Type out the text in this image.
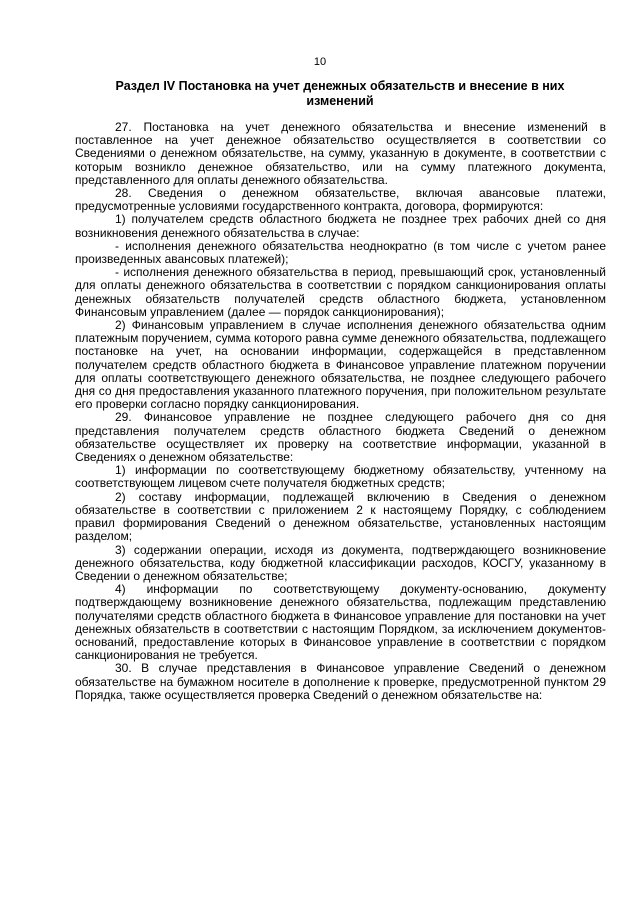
10
Раздел IV Постановка на учет денежных обязательств и внесение в них изменений

27. Постановка на учет денежного обязательства и внесение изменений в поставленное на учет денежное обязательство осуществляется в соответствии со Сведениями о денежном обязательстве, на сумму, указанную в документе, в соответствии с которым возникло денежное обязательство, или на сумму платежного документа, представленного для оплаты денежного обязательства.

28. Сведения о денежном обязательстве, включая авансовые платежи, предусмотренные условиями государственного контракта, договора, формируются:

1) получателем средств областного бюджета не позднее трех рабочих дней со дня возникновения денежного обязательства в случае:

- исполнения денежного обязательства неоднократно (в том числе с учетом ранее произведенных авансовых платежей);

- исполнения денежного обязательства в период, превышающий срок, установленный для оплаты денежного обязательства в соответствии с порядком санкционирования оплаты денежных обязательств получателей средств областного бюджета, установленном Финансовым управлением (далее — порядок санкционирования);

2) Финансовым управлением в случае исполнения денежного обязательства одним платежным поручением, сумма которого равна сумме денежного обязательства, подлежащего постановке на учет, на основании информации, содержащейся в представленном получателем средств областного бюджета в Финансовое управление платежном поручении для оплаты соответствующего денежного обязательства, не позднее следующего рабочего дня со дня предоставления указанного платежного поручения, при положительном результате его проверки согласно порядку санкционирования.

29. Финансовое управление не позднее следующего рабочего дня со дня представления получателем средств областного бюджета Сведений о денежном обязательстве осуществляет их проверку на соответствие информации, указанной в Сведениях о денежном обязательстве:

1) информации по соответствующему бюджетному обязательству, учтенному на соответствующем лицевом счете получателя бюджетных средств;

2) составу информации, подлежащей включению в Сведения о денежном обязательстве в соответствии с приложением 2 к настоящему Порядку, с соблюдением правил формирования Сведений о денежном обязательстве, установленных настоящим разделом;

3) содержании операции, исходя из документа, подтверждающего возникновение денежного обязательства, коду бюджетной классификации расходов, КОСГУ, указанному в Сведении о денежном обязательстве;

4) информации по соответствующему документу-основанию, документу подтверждающему возникновение денежного обязательства, подлежащим представлению получателями средств областного бюджета в Финансовое управление для постановки на учет денежных обязательств в соответствии с настоящим Порядком, за исключением документов-оснований, предоставление которых в Финансовое управление в соответствии с порядком санкционирования не требуется.

30. В случае представления в Финансовое управление Сведений о денежном обязательстве на бумажном носителе в дополнение к проверке, предусмотренной пунктом 29 Порядка, также осуществляется проверка Сведений о денежном обязательстве на:
